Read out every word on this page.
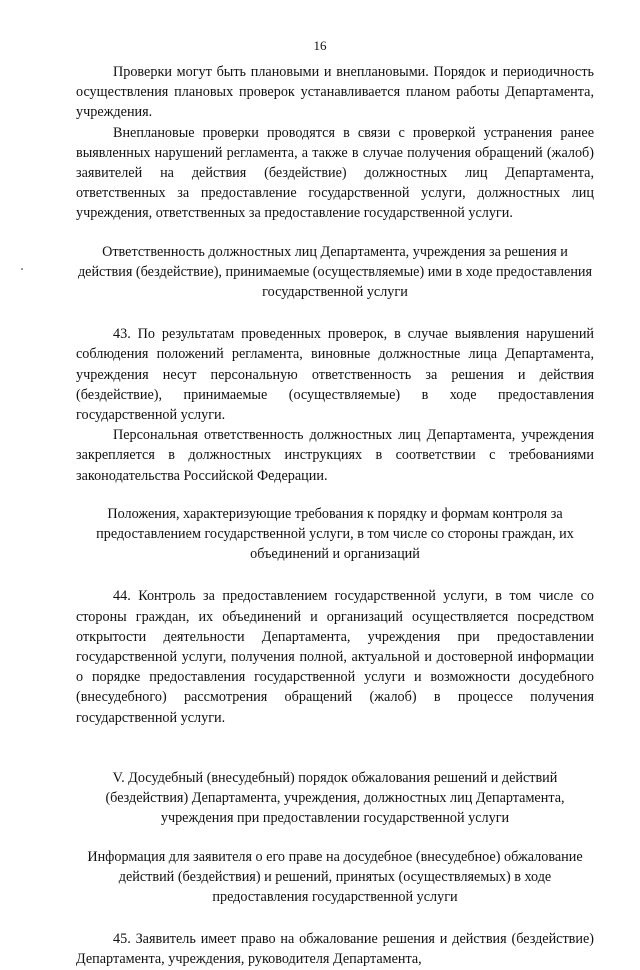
16

Проверки могут быть плановыми и внеплановыми. Порядок и периодичность осуществления плановых проверок устанавливается планом работы Департамента, учреждения.

Внеплановые проверки проводятся в связи с проверкой устранения ранее выявленных нарушений регламента, а также в случае получения обращений (жалоб) заявителей на действия (бездействие) должностных лиц Департамента, ответственных за предоставление государственной услуги, должностных лиц учреждения, ответственных за предоставление государственной услуги.

Ответственность должностных лиц Департамента, учреждения за решения и действия (бездействие), принимаемые (осуществляемые) ими в ходе предоставления государственной услуги

43. По результатам проведенных проверок, в случае выявления нарушений соблюдения положений регламента, виновные должностные лица Департамента, учреждения несут персональную ответственность за решения и действия (бездействие), принимаемые (осуществляемые) в ходе предоставления государственной услуги.

Персональная ответственность должностных лиц Департамента, учреждения закрепляется в должностных инструкциях в соответствии с требованиями законодательства Российской Федерации.

Положения, характеризующие требования к порядку и формам контроля за предоставлением государственной услуги, в том числе со стороны граждан, их объединений и организаций

44. Контроль за предоставлением государственной услуги, в том числе со стороны граждан, их объединений и организаций осуществляется посредством открытости деятельности Департамента, учреждения при предоставлении государственной услуги, получения полной, актуальной и достоверной информации о порядке предоставления государственной услуги и возможности досудебного (внесудебного) рассмотрения обращений (жалоб) в процессе получения государственной услуги.

V. Досудебный (внесудебный) порядок обжалования решений и действий (бездействия) Департамента, учреждения, должностных лиц Департамента, учреждения при предоставлении государственной услуги

Информация для заявителя о его праве на досудебное (внесудебное) обжалование действий (бездействия) и решений, принятых (осуществляемых) в ходе предоставления государственной услуги

45. Заявитель имеет право на обжалование решения и действия (бездействие) Департамента, учреждения, руководителя Департамента,
